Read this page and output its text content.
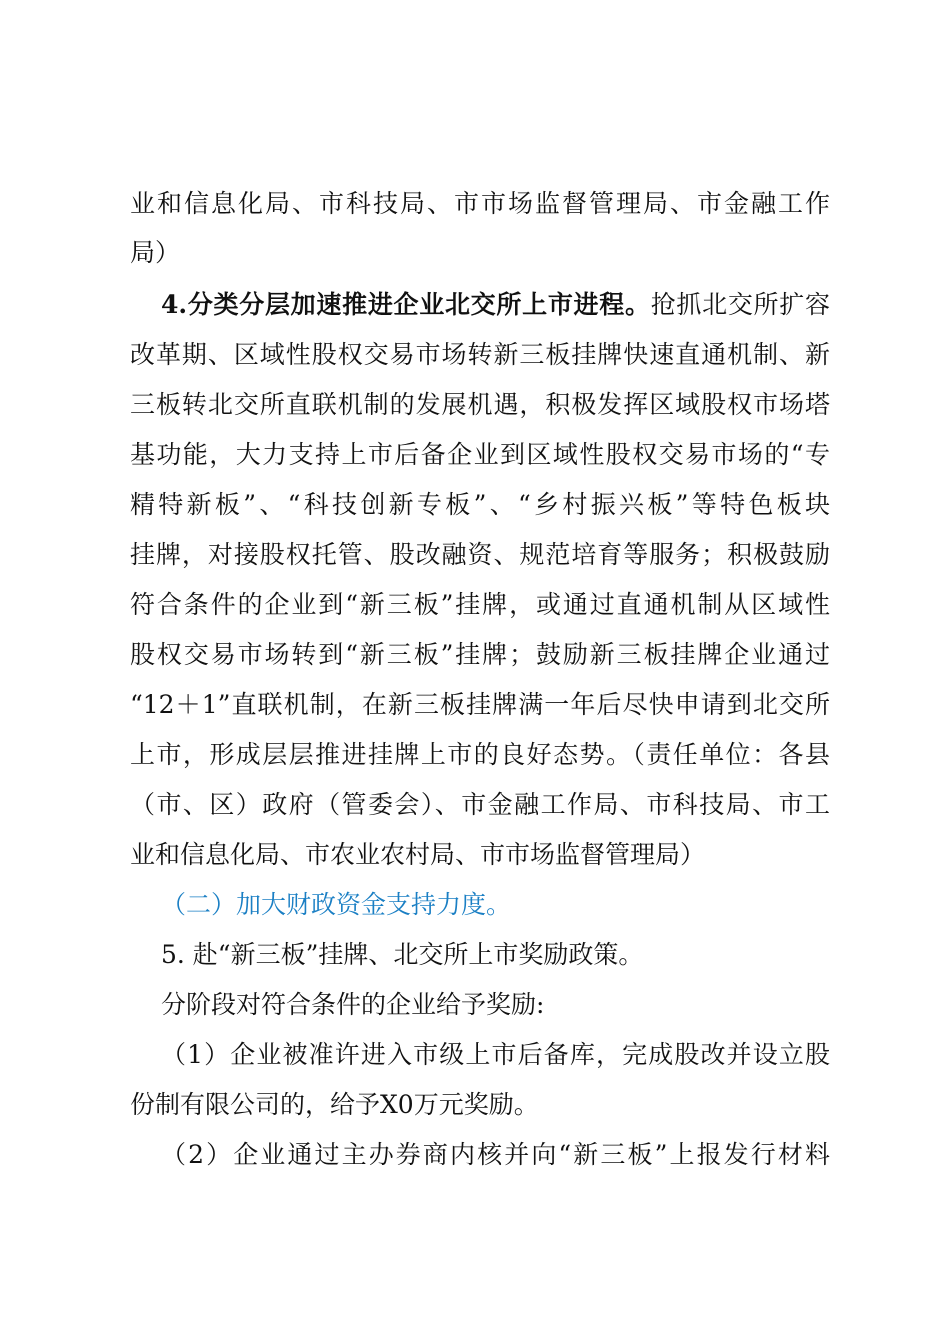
业和信息化局、市科技局、市市场监督管理局、市金融工作
局）
4.分类分层加速推进企业北交所上市进程。抢抓北交所扩容
改革期、区域性股权交易市场转新三板挂牌快速直通机制、新
三板转北交所直联机制的发展机遇，积极发挥区域股权市场塔
基功能，大力支持上市后备企业到区域性股权交易市场的“专
精特新板”、“科技创新专板”、“乡村振兴板”等特色板块
挂牌，对接股权托管、股改融资、规范培育等服务；积极鼓励
符合条件的企业到“新三板”挂牌，或通过直通机制从区域性
股权交易市场转到“新三板”挂牌；鼓励新三板挂牌企业通过
“12＋1”直联机制，在新三板挂牌满一年后尽快申请到北交所
上市，形成层层推进挂牌上市的良好态势。（责任单位：各县
（市、区）政府（管委会）、市金融工作局、市科技局、市工
业和信息化局、市农业农村局、市市场监督管理局）
（二）加大财政资金支持力度。
5. 赴“新三板”挂牌、北交所上市奖励政策。
分阶段对符合条件的企业给予奖励:
（1）企业被准许进入市级上市后备库，完成股改并设立股
份制有限公司的，给予X0万元奖励。
（2）企业通过主办券商内核并向“新三板”上报发行材料
